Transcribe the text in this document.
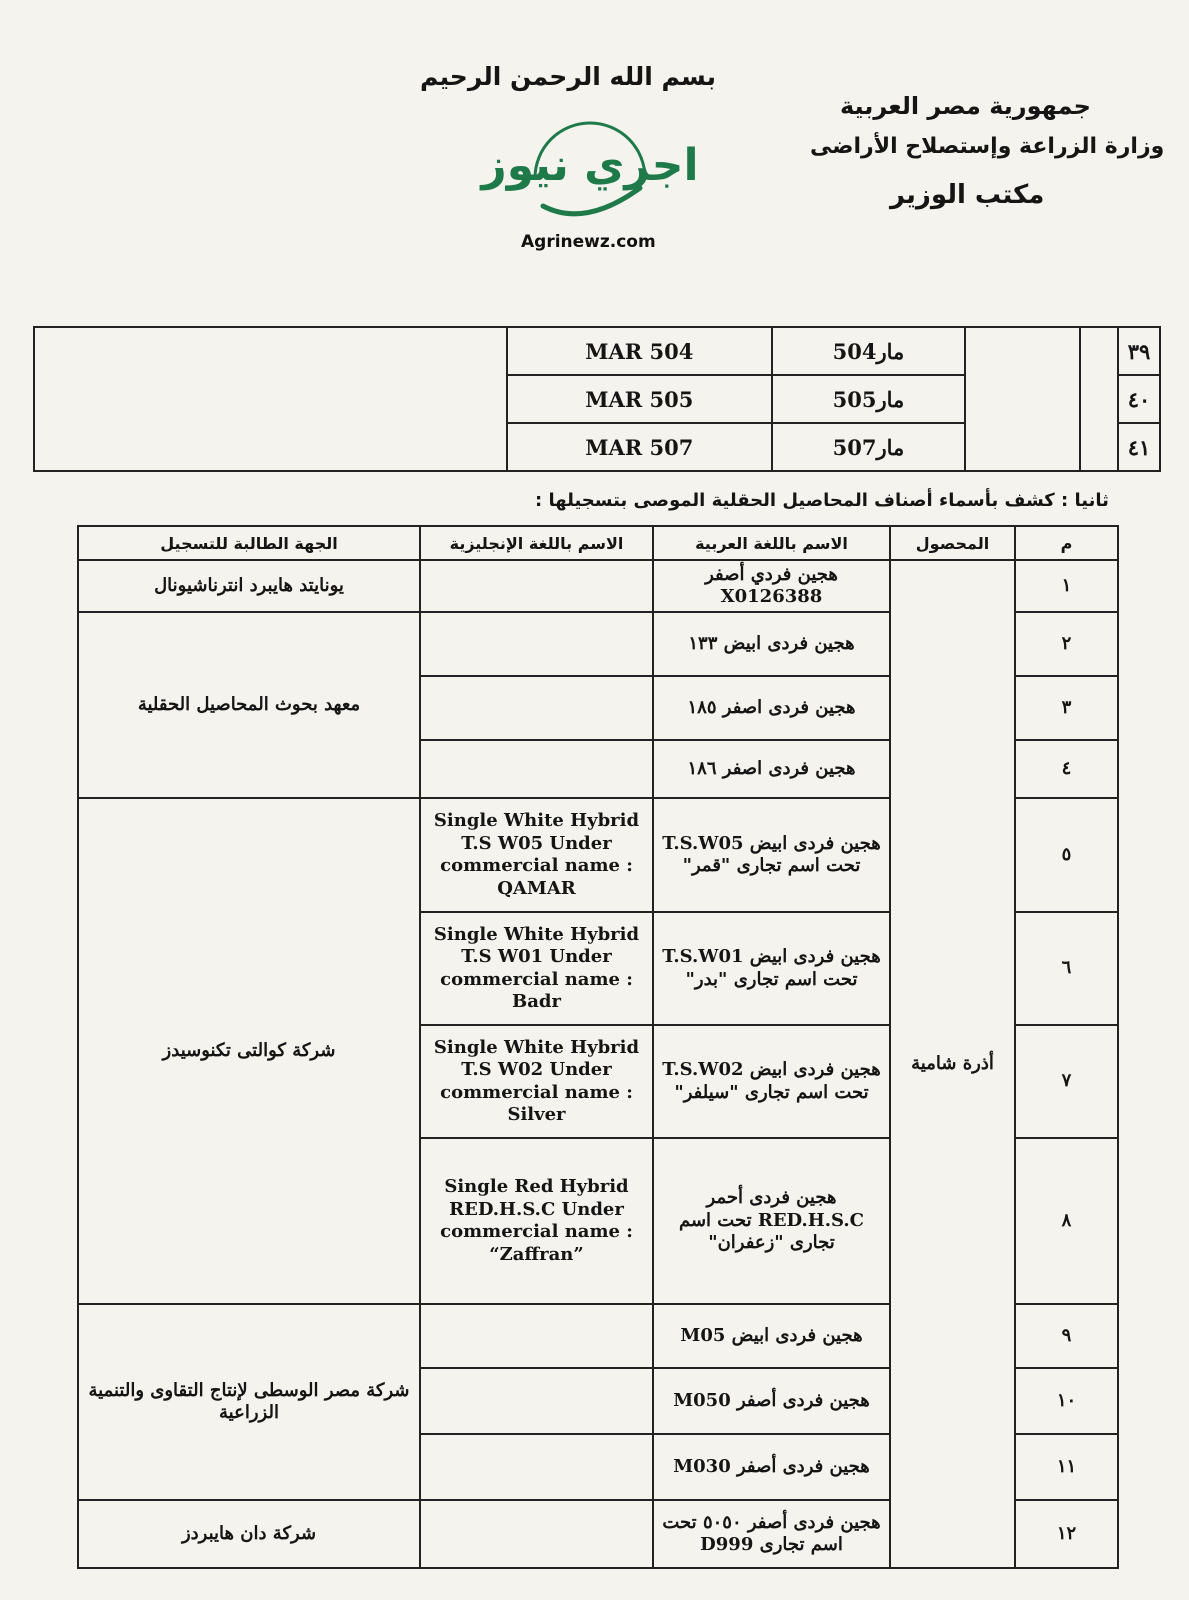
بسم الله الرحمن الرحيم
جمهورية مصر العربية
وزارة الزراعة وإستصلاح الأراضى
مكتب الوزير
اجري نيوز
Agrinewz.com
	MAR 504	مار504			٣٩
	MAR 505	مار505			٤٠
	MAR 507	مار507			٤١
ثانيا : كشف بأسماء أصناف المحاصيل الحقلية الموصى بتسجيلها :
م	المحصول	الاسم باللغة العربية	الاسم باللغة الإنجليزية	الجهة الطالبة للتسجيل
١	أذرة شامية	هجين فردي أصفر X0126388		يونايتد هايبرد انترناشيونال
٢		هجين فردى ابيض ١٣٣		معهد بحوث المحاصيل الحقلية
٣		هجين فردى اصفر ١٨٥		
٤		هجين فردى اصفر ١٨٦		
٥		هجين فردى ابيض T.S.W05 تحت اسم تجارى "قمر"	Single White Hybrid T.S W05 Under commercial name : QAMAR	شركة كوالتى تكنوسيدز
٦		هجين فردى ابيض T.S.W01 تحت اسم تجارى "بدر"	Single White Hybrid T.S W01 Under commercial name : Badr	
٧		هجين فردى ابيض T.S.W02 تحت اسم تجارى "سيلفر"	Single White Hybrid T.S W02 Under commercial name : Silver	
٨		هجين فردى أحمر RED.H.S.C تحت اسم تجارى "زعفران"	Single Red Hybrid RED.H.S.C Under commercial name : “Zaffran”	
٩		هجين فردى ابيض M05		شركة مصر الوسطى لإنتاج التقاوى والتنمية الزراعية
١٠		هجين فردى أصفر M050		
١١		هجين فردى أصفر M030		
١٢		هجين فردى أصفر ٥٠٥٠ تحت اسم تجارى D999		شركة دان هايبردز
